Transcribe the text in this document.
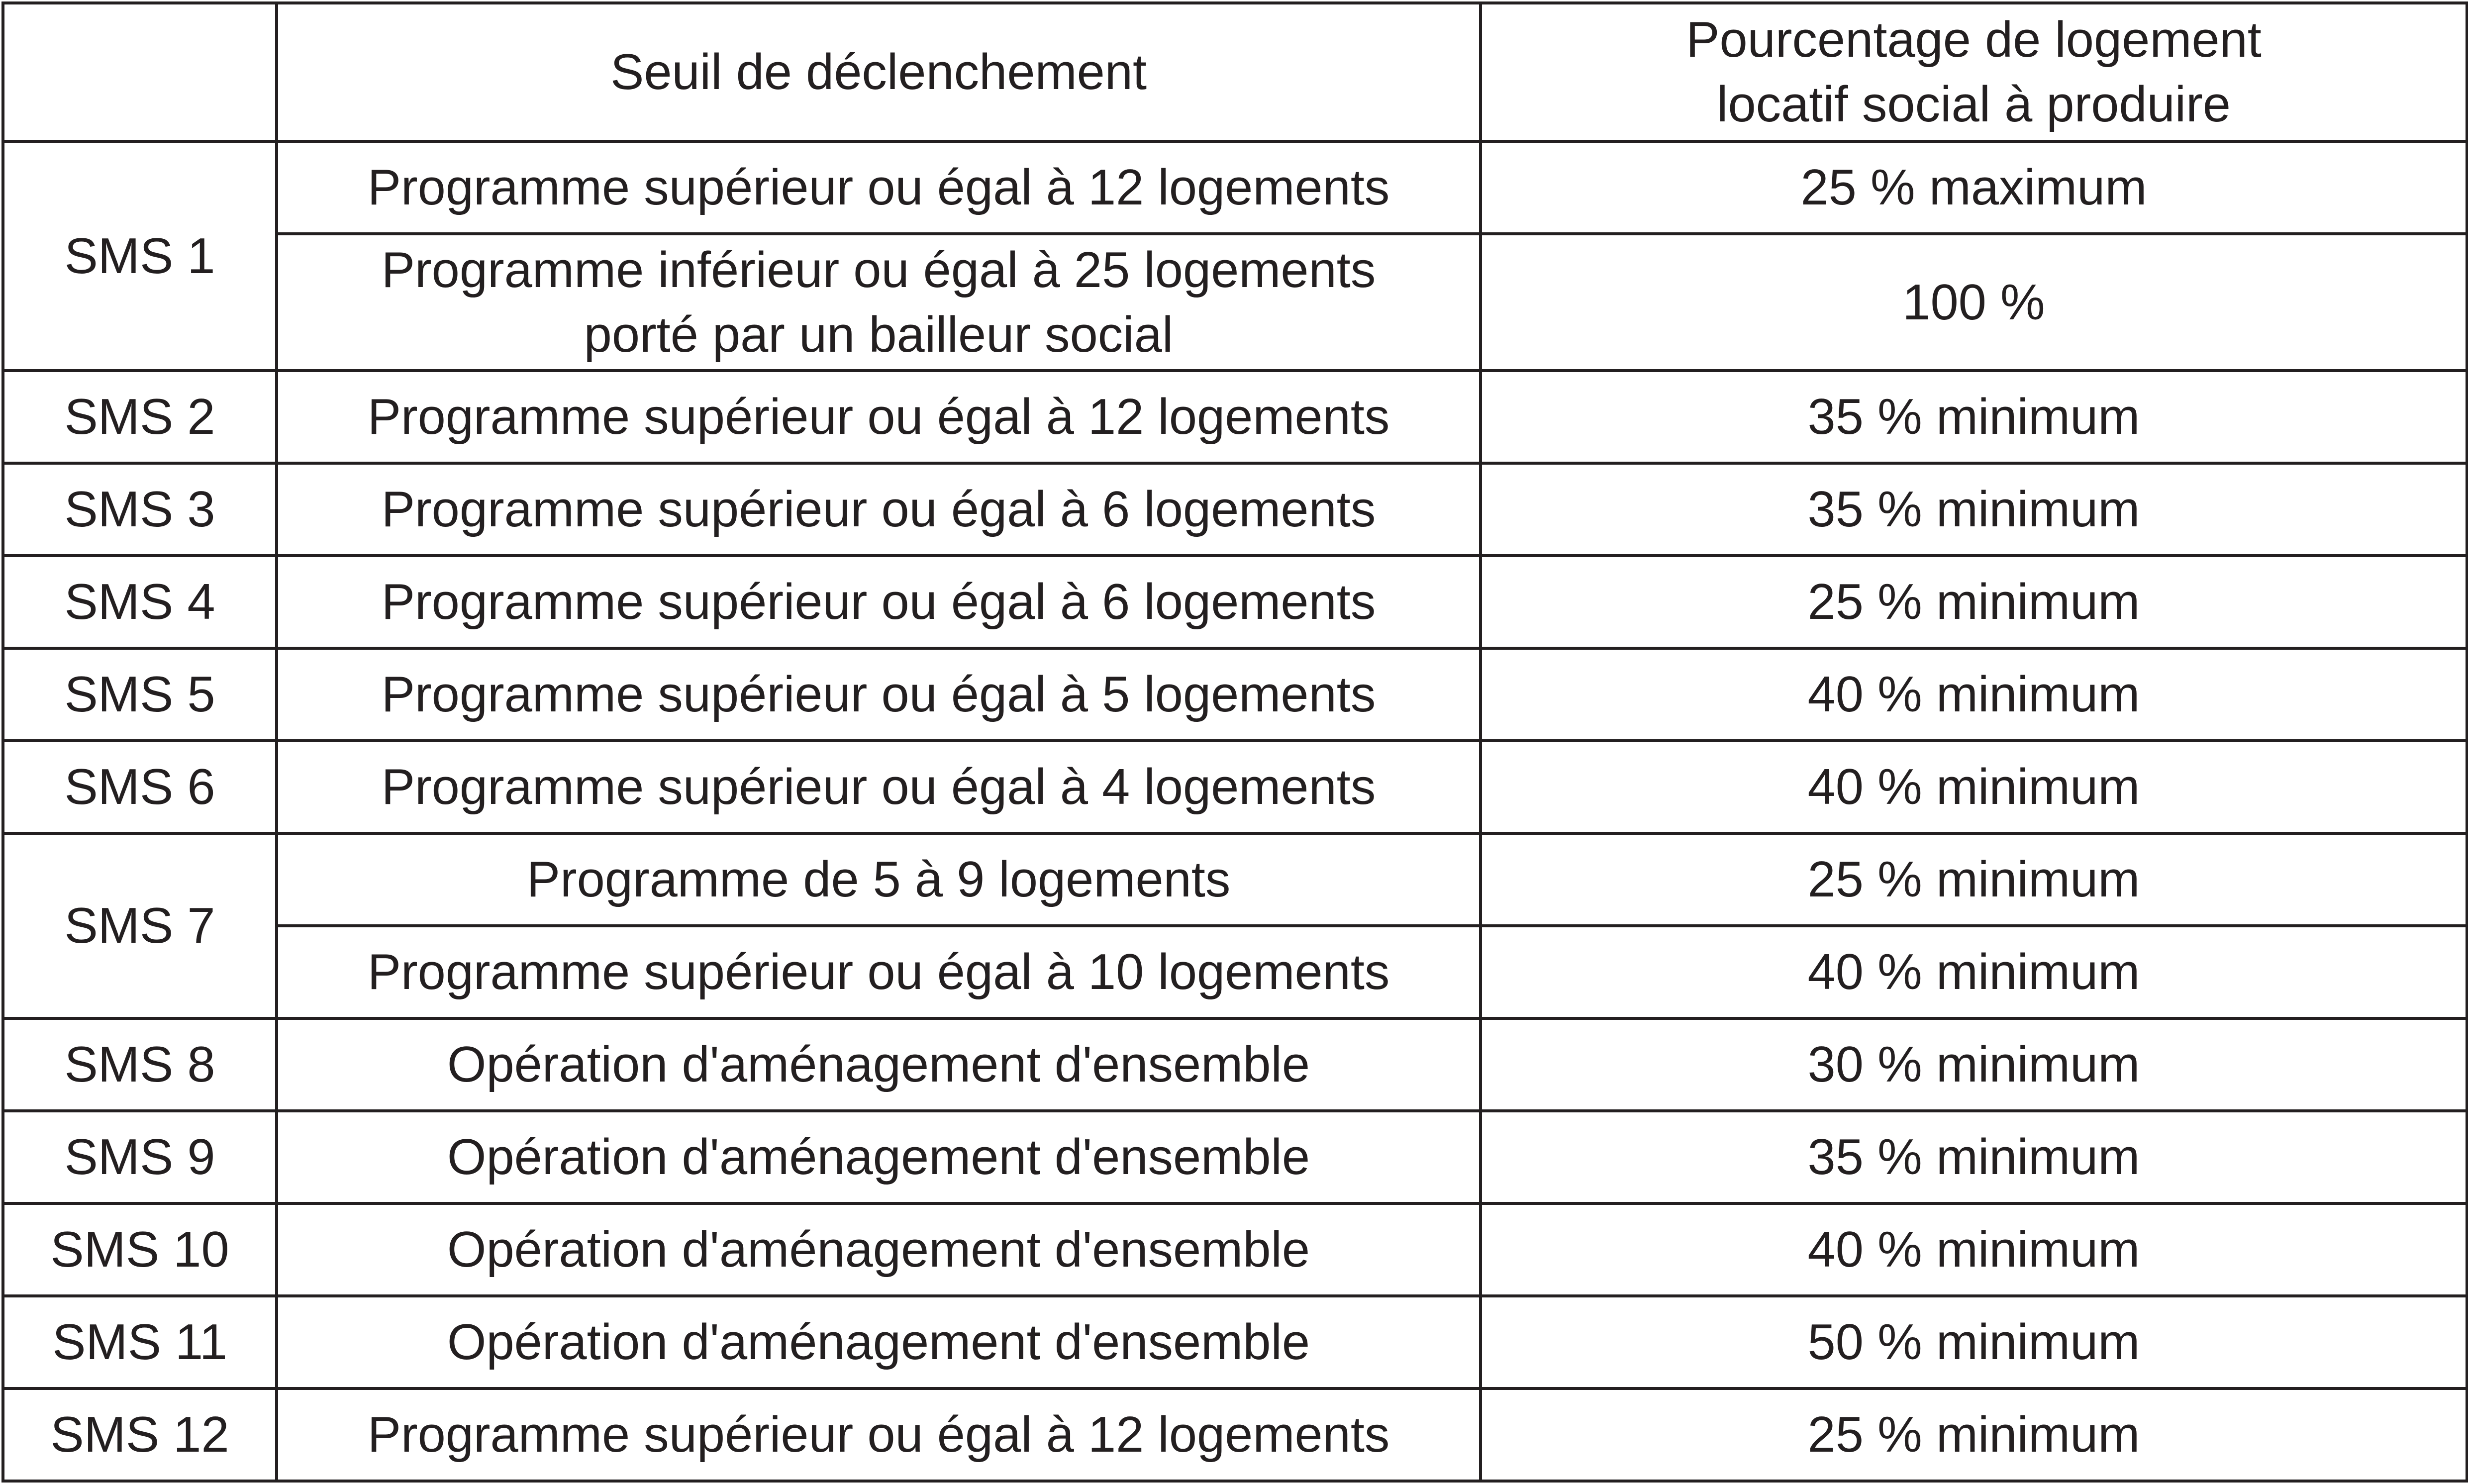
	Seuil de déclenchement	Pourcentage de logement
locatif social à produire

SMS 1	Programme supérieur ou égal à 12 logements	25 % maximum

	Programme inférieur ou égal à 25 logements
porté par un bailleur social	100 %
SMS 2	Programme supérieur ou égal à 12 logements	35 % minimum
SMS 3	Programme supérieur ou égal à 6 logements	35 % minimum
SMS 4	Programme supérieur ou égal à 6 logements	25 % minimum
SMS 5	Programme supérieur ou égal à 5 logements	40 % minimum
SMS 6	Programme supérieur ou égal à 4 logements	40 % minimum
SMS 7	Programme de 5 à 9 logements	25 % minimum
	Programme supérieur ou égal à 10 logements	40 % minimum
SMS 8	Opération d'aménagement d'ensemble	30 % minimum
SMS 9	Opération d'aménagement d'ensemble	35 % minimum
SMS 10	Opération d'aménagement d'ensemble	40 % minimum
SMS 11	Opération d'aménagement d'ensemble	50 % minimum
SMS 12	Programme supérieur ou égal à 12 logements	25 % minimum
